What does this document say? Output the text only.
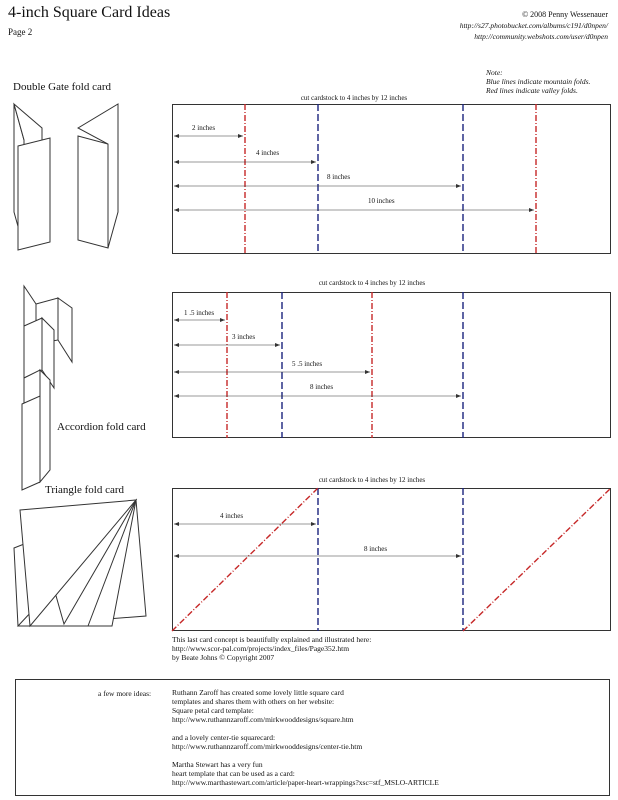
4-inch Square Card Ideas
Page 2
© 2008 Penny Wessenauer
http://s27.photobucket.com/albums/c191/d0npen/
http://community.webshots.com/user/d0npen
Note:
Blue lines indicate mountain folds.
Red lines indicate valley folds.
Double Gate fold card
cut cardstock to 4 inches by 12 inches
2 inches
4 inches
8 inches
10 inches
Accordion fold card
cut cardstock to 4 inches by 12 inches
1 .5 inches
3 inches
5 .5 inches
8 inches
Triangle fold card
cut cardstock to 4 inches by 12 inches
4 inches
8 inches
This last card concept is beautifully explained and illustrated here:
http://www.scor-pal.com/projects/index_files/Page352.htm
by Beate Johns © Copyright 2007
a few more ideas:	Ruthann Zaroff has created some lovely little square card
templates and shares them with others on her website:
Square petal card template:
http://www.ruthannzaroff.com/mirkwooddesigns/square.htm
and a lovely center-tie squarecard:
http://www.ruthannzaroff.com/mirkwooddesigns/center-tie.htm
Martha Stewart has a very fun
heart template that can be used as a card:
http://www.marthastewart.com/article/paper-heart-wrappings?xsc=stf_MSLO-ARTICLE
